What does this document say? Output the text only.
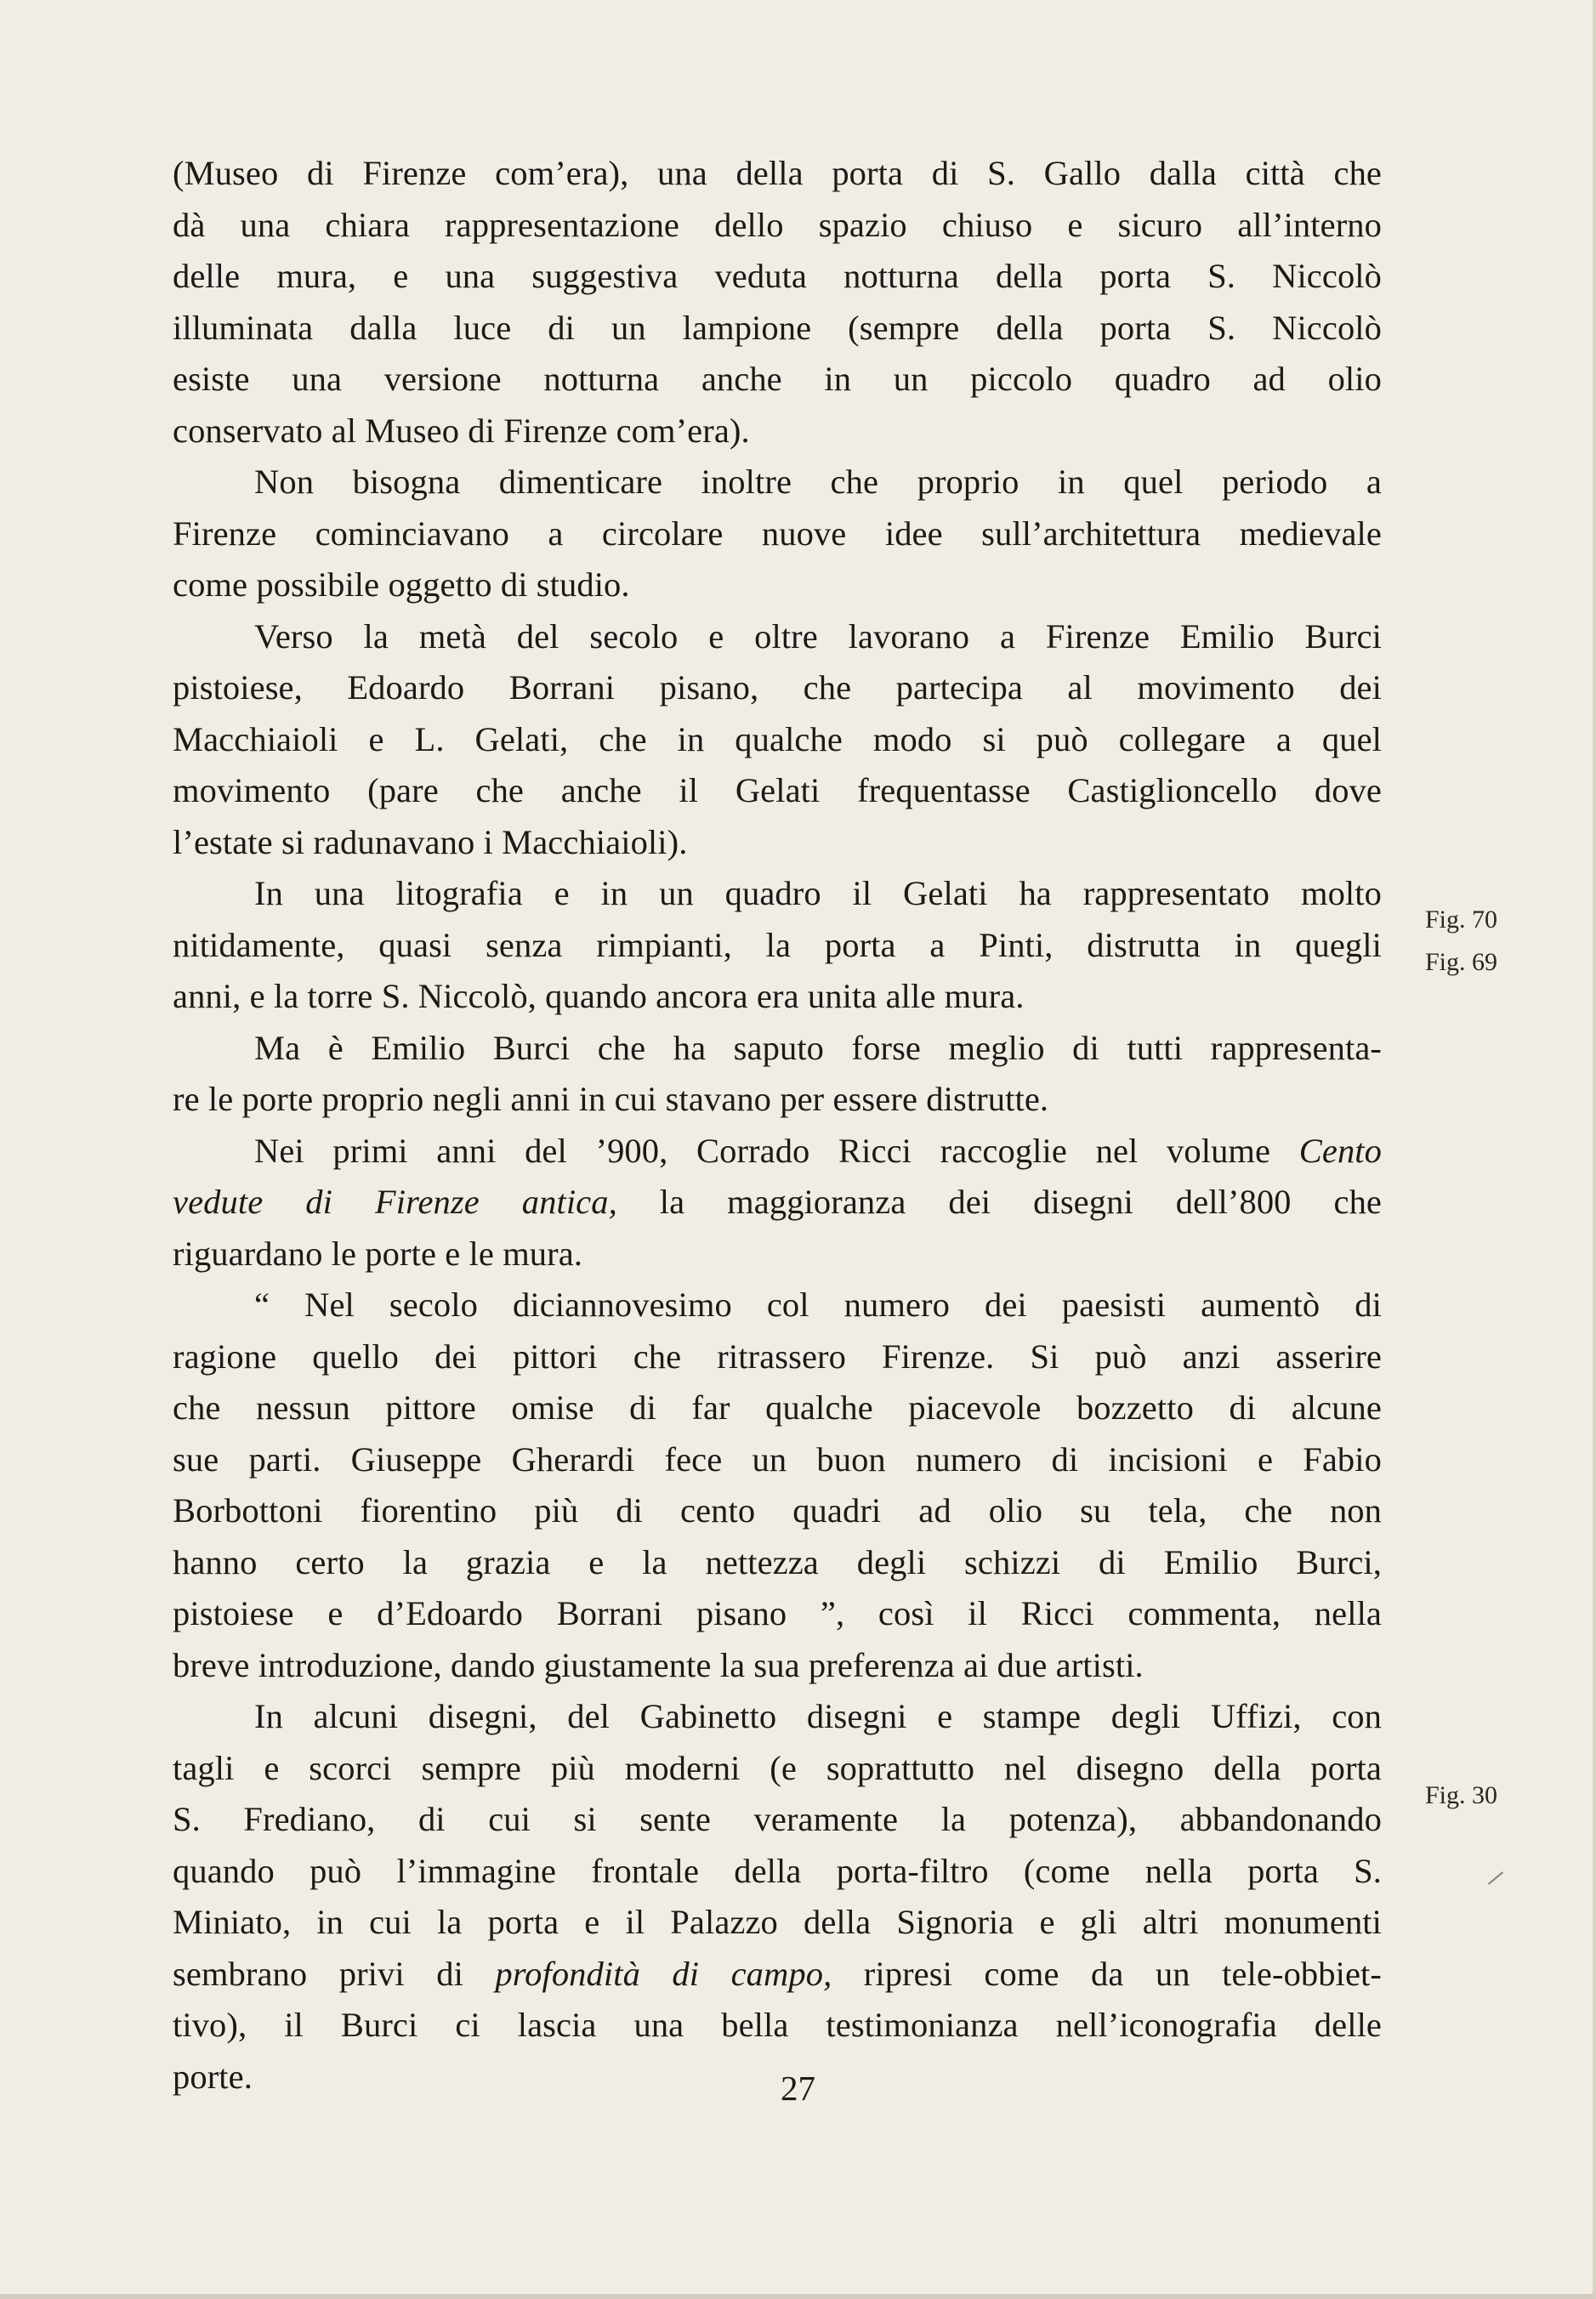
(Museo di Firenze com’era), una della porta di S. Gallo dalla città che
dà una chiara rappresentazione dello spazio chiuso e sicuro all’interno
delle mura, e una suggestiva veduta notturna della porta S. Niccolò
illuminata dalla luce di un lampione (sempre della porta S. Niccolò
esiste una versione notturna anche in un piccolo quadro ad olio
conservato al Museo di Firenze com’era).
Non bisogna dimenticare inoltre che proprio in quel periodo a
Firenze cominciavano a circolare nuove idee sull’architettura medievale
come possibile oggetto di studio.
Verso la metà del secolo e oltre lavorano a Firenze Emilio Burci
pistoiese, Edoardo Borrani pisano, che partecipa al movimento dei
Macchiaioli e L. Gelati, che in qualche modo si può collegare a quel
movimento (pare che anche il Gelati frequentasse Castiglioncello dove
l’estate si radunavano i Macchiaioli).
In una litografia e in un quadro il Gelati ha rappresentato molto
nitidamente, quasi senza rimpianti, la porta a Pinti, distrutta in quegli
anni, e la torre S. Niccolò, quando ancora era unita alle mura.
Ma è Emilio Burci che ha saputo forse meglio di tutti rappresenta-
re le porte proprio negli anni in cui stavano per essere distrutte.
Nei primi anni del ’900, Corrado Ricci raccoglie nel volume Cento
vedute di Firenze antica, la maggioranza dei disegni dell’800 che
riguardano le porte e le mura.
“ Nel secolo diciannovesimo col numero dei paesisti aumentò di
ragione quello dei pittori che ritrassero Firenze. Si può anzi asserire
che nessun pittore omise di far qualche piacevole bozzetto di alcune
sue parti. Giuseppe Gherardi fece un buon numero di incisioni e Fabio
Borbottoni fiorentino più di cento quadri ad olio su tela, che non
hanno certo la grazia e la nettezza degli schizzi di Emilio Burci,
pistoiese e d’Edoardo Borrani pisano ”, così il Ricci commenta, nella
breve introduzione, dando giustamente la sua preferenza ai due artisti.
In alcuni disegni, del Gabinetto disegni e stampe degli Uffizi, con
tagli e scorci sempre più moderni (e soprattutto nel disegno della porta
S. Frediano, di cui si sente veramente la potenza), abbandonando
quando può l’immagine frontale della porta-filtro (come nella porta S.
Miniato, in cui la porta e il Palazzo della Signoria e gli altri monumenti
sembrano privi di profondità di campo, ripresi come da un tele-obbiet-
tivo), il Burci ci lascia una bella testimonianza nell’iconografia delle
porte.
Fig. 70
Fig. 69
Fig. 30
27
